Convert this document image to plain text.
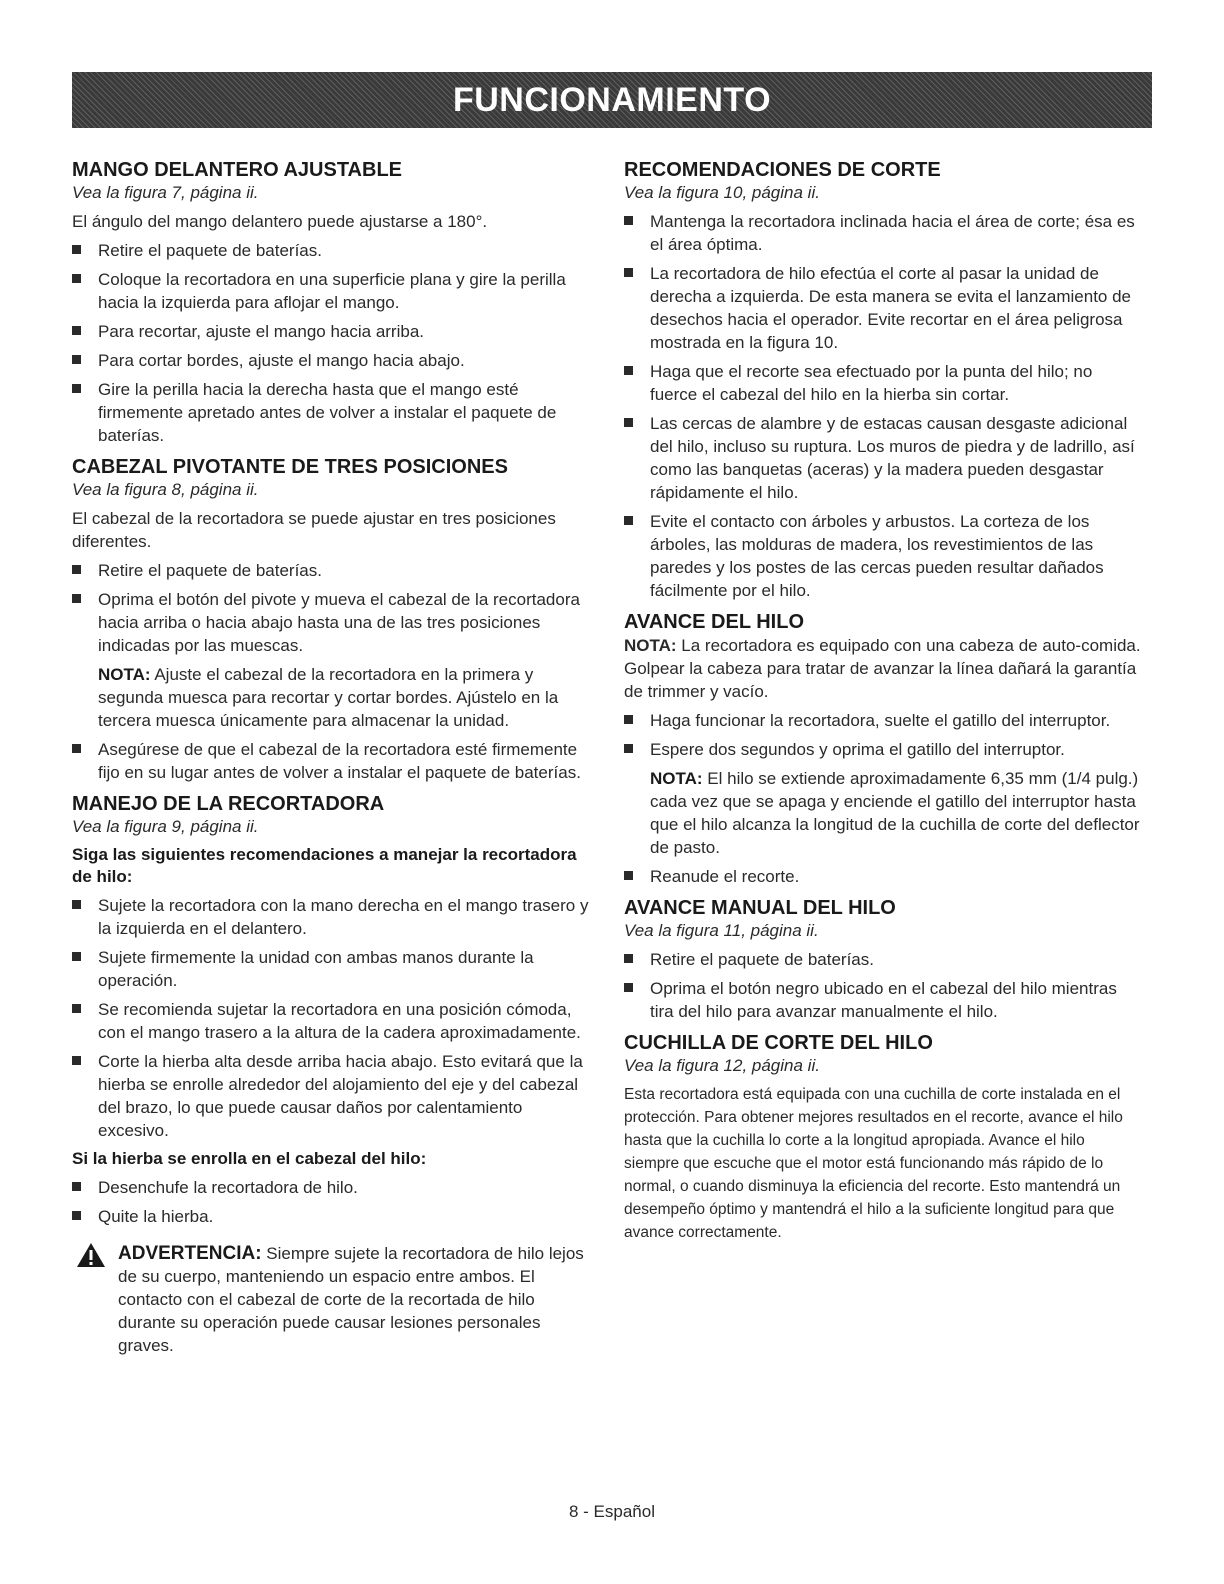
FUNCIONAMIENTO
MANGO DELANTERO AJUSTABLE
Vea la figura 7, página ii.

El ángulo del mango delantero puede ajustarse a 180°.

Retire el paquete de baterías.
Coloque la recortadora en una superficie plana y gire la perilla hacia la izquierda para aflojar el mango.
Para recortar, ajuste el mango hacia arriba.
Para cortar bordes, ajuste el mango hacia abajo.
Gire la perilla hacia la derecha hasta que el mango esté firmemente apretado antes de volver a instalar el paquete de baterías.
CABEZAL PIVOTANTE DE TRES POSICIONES
Vea la figura 8, página ii.

El cabezal de la recortadora se puede ajustar en tres posiciones diferentes.

Retire el paquete de baterías.
Oprima el botón del pivote y mueva el cabezal de la recortadora hacia arriba o hacia abajo hasta una de las tres posiciones indicadas por las muescas.
NOTA: Ajuste el cabezal de la recortadora en la primera y segunda muesca para recortar y cortar bordes. Ajústelo en la tercera muesca únicamente para almacenar la unidad.
Asegúrese de que el cabezal de la recortadora esté firmemente fijo en su lugar antes de volver a instalar el paquete de baterías.
MANEJO DE LA RECORTADORA
Vea la figura 9, página ii.
Siga las siguientes recomendaciones a manejar la recortadora de hilo:
Sujete la recortadora con la mano derecha en el mango trasero y la izquierda en el delantero.
Sujete firmemente la unidad con ambas manos durante la operación.
Se recomienda sujetar la recortadora en una posición cómoda, con el mango trasero a la altura de la cadera aproximadamente.
Corte la hierba alta desde arriba hacia abajo. Esto evitará que la hierba se enrolle alrededor del alojamiento del eje y del cabezal del brazo, lo que puede causar daños por calentamiento excesivo.
Si la hierba se enrolla en el cabezal del hilo:
Desenchufe la recortadora de hilo.
Quite la hierba.
ADVERTENCIA: Siempre sujete la recortadora de hilo lejos de su cuerpo, manteniendo un espacio entre ambos. El contacto con el cabezal de corte de la recortada de hilo durante su operación puede causar lesiones personales graves.
RECOMENDACIONES DE CORTE
Vea la figura 10, página ii.
Mantenga la recortadora inclinada hacia el área de corte; ésa es el área óptima.
La recortadora de hilo efectúa el corte al pasar la unidad de derecha a izquierda. De esta manera se evita el lanzamiento de desechos hacia el operador. Evite recortar en el área peligrosa mostrada en la figura 10.
Haga que el recorte sea efectuado por la punta del hilo; no fuerce el cabezal del hilo en la hierba sin cortar.
Las cercas de alambre y de estacas causan desgaste adicional del hilo, incluso su ruptura. Los muros de piedra y de ladrillo, así como las banquetas (aceras) y la madera pueden desgastar rápidamente el hilo.
Evite el contacto con árboles y arbustos. La corteza de los árboles, las molduras de madera, los revestimientos de las paredes y los postes de las cercas pueden resultar dañados fácilmente por el hilo.
AVANCE DEL HILO

NOTA: La recortadora es equipado con una cabeza de auto-comida. Golpear la cabeza para tratar de avanzar la línea dañará la garantía de trimmer y vacío.

Haga funcionar la recortadora, suelte el gatillo del interruptor.
Espere dos segundos y oprima el gatillo del interruptor.
NOTA: El hilo se extiende aproximadamente 6,35 mm (1/4 pulg.) cada vez que se apaga y enciende el gatillo del interruptor hasta que el hilo alcanza la longitud de la cuchilla de corte del deflector de pasto.
Reanude el recorte.
AVANCE MANUAL DEL HILO
Vea la figura 11, página ii.
Retire el paquete de baterías.
Oprima el botón negro ubicado en el cabezal del hilo mientras tira del hilo para avanzar manualmente el hilo.
CUCHILLA DE CORTE DEL HILO
Vea la figura 12, página ii.

Esta recortadora está equipada con una cuchilla de corte instalada en el protección. Para obtener mejores resultados en el recorte, avance el hilo hasta que la cuchilla lo corte a la longitud apropiada. Avance el hilo siempre que escuche que el motor está funcionando más rápido de lo normal, o cuando disminuya la eficiencia del recorte. Esto mantendrá un desempeño óptimo y mantendrá el hilo a la suficiente longitud para que avance correctamente.

8 - Español
